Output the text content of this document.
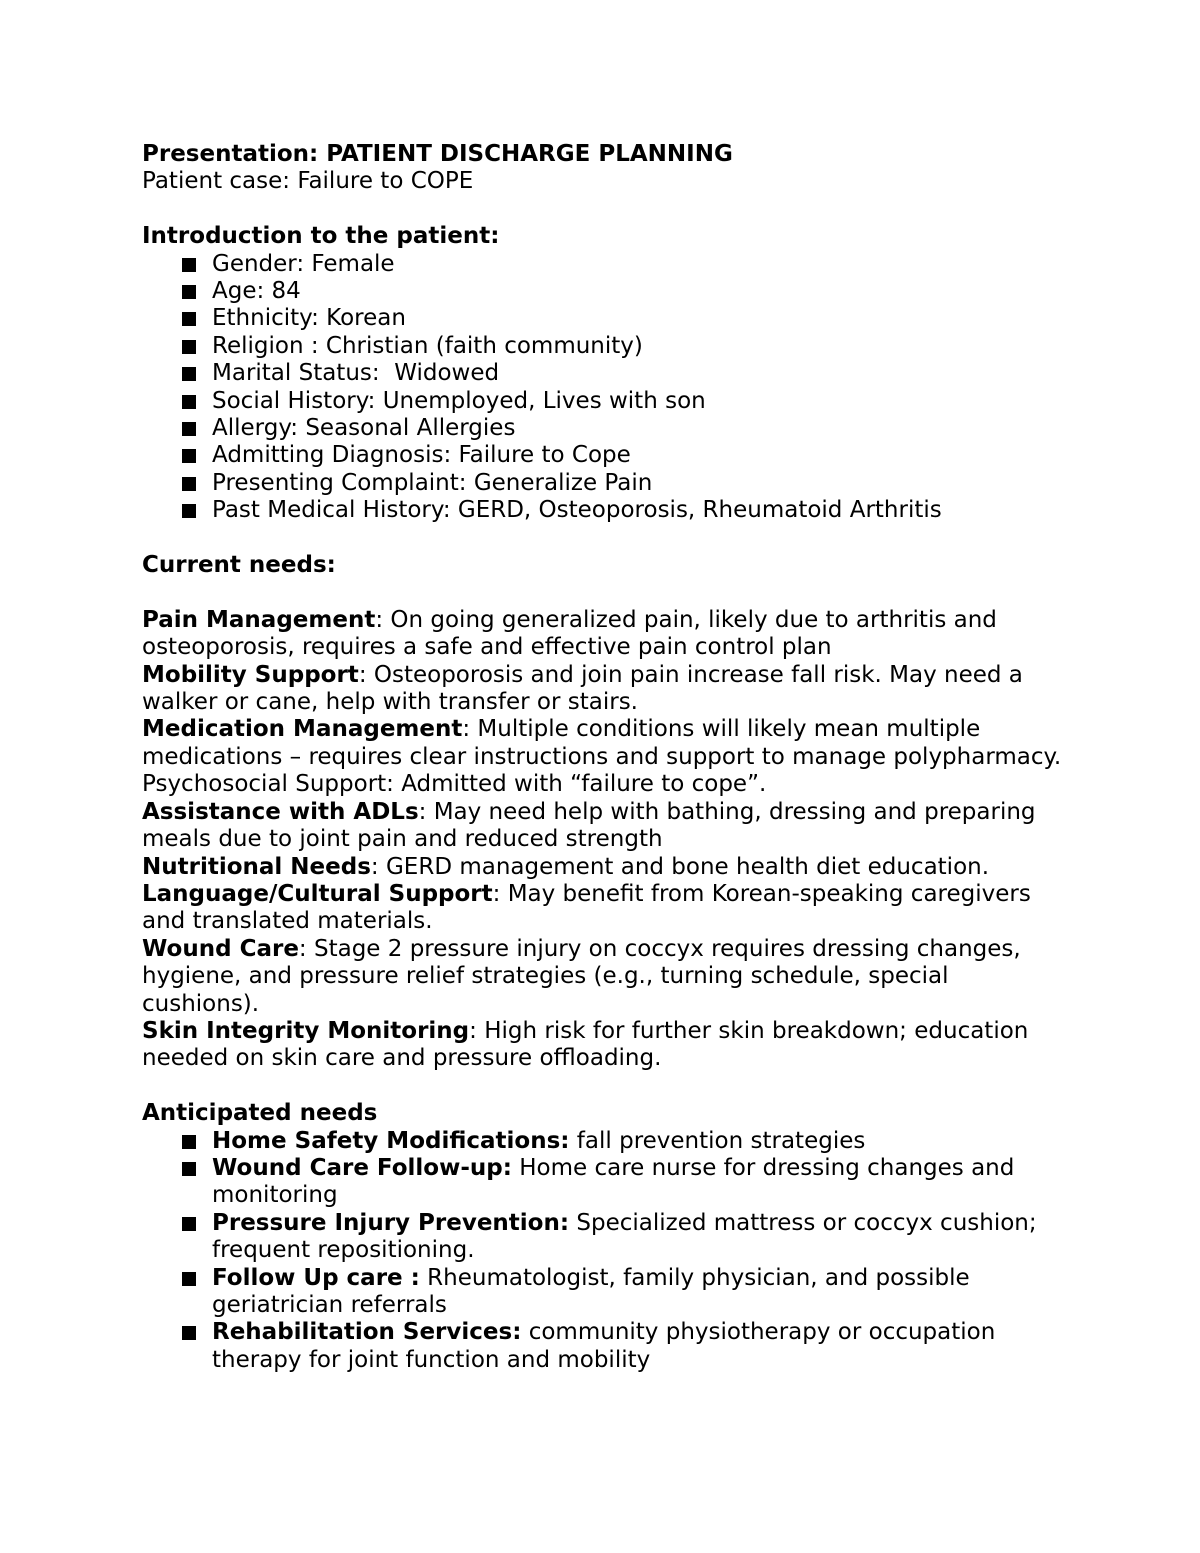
Presentation: PATIENT DISCHARGE PLANNING

Patient case: Failure to COPE

Introduction to the patient:

Gender: Female
Age: 84
Ethnicity: Korean
Religion : Christian (faith community)
Marital Status:  Widowed
Social History: Unemployed, Lives with son
Allergy: Seasonal Allergies
Admitting Diagnosis: Failure to Cope
Presenting Complaint: Generalize Pain
Past Medical History: GERD, Osteoporosis, Rheumatoid Arthritis

Current needs:

Pain Management: On going generalized pain, likely due to arthritis and osteoporosis, requires a safe and effective pain control plan

Mobility Support: Osteoporosis and join pain increase fall risk. May need a walker or cane, help with transfer or stairs.

Medication Management: Multiple conditions will likely mean multiple medications – requires clear instructions and support to manage polypharmacy.

Psychosocial Support: Admitted with “failure to cope”.

Assistance with ADLs: May need help with bathing, dressing and preparing meals due to joint pain and reduced strength

Nutritional Needs: GERD management and bone health diet education.

Language/Cultural Support: May benefit from Korean-speaking caregivers and translated materials.

Wound Care: Stage 2 pressure injury on coccyx requires dressing changes, hygiene, and pressure relief strategies (e.g., turning schedule, special cushions).

Skin Integrity Monitoring: High risk for further skin breakdown; education needed on skin care and pressure offloading.

Anticipated needs

Home Safety Modifications: fall prevention strategies
Wound Care Follow-up: Home care nurse for dressing changes and monitoring
Pressure Injury Prevention: Specialized mattress or coccyx cushion; frequent repositioning.
Follow Up care : Rheumatologist, family physician, and possible geriatrician referrals
Rehabilitation Services: community physiotherapy or occupation therapy for joint function and mobility
